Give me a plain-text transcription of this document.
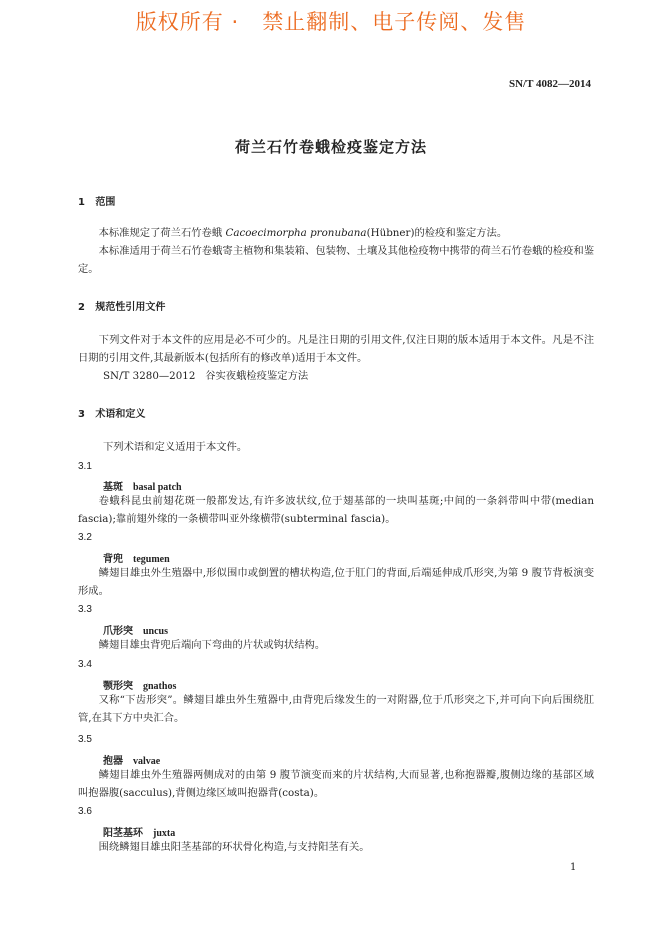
版权所有 ·   禁止翻制、电子传阅、发售
SN/T 4082—2014
荷兰石竹卷蛾检疫鉴定方法
1   范围
本标准规定了荷兰石竹卷蛾 Cacoecimorpha pronubana(Hübner)的检疫和鉴定方法。
本标准适用于荷兰石竹卷蛾寄主植物和集装箱、包装物、土壤及其他检疫物中携带的荷兰石竹卷蛾的检疫和鉴定。
2   规范性引用文件
下列文件对于本文件的应用是必不可少的。凡是注日期的引用文件,仅注日期的版本适用于本文件。凡是不注日期的引用文件,其最新版本(包括所有的修改单)适用于本文件。
SN/T 3280—2012   谷实夜蛾检疫鉴定方法
3   术语和定义
下列术语和定义适用于本文件。
3.1
基斑 basal patch
卷蛾科昆虫前翅花斑一般都发达,有许多波状纹,位于翅基部的一块叫基斑;中间的一条斜带叫中带(median fascia);靠前翅外缘的一条横带叫亚外缘横带(subterminal fascia)。
3.2
背兜 tegumen
鳞翅目雄虫外生殖器中,形似围巾或倒置的槽状构造,位于肛门的背面,后端延伸成爪形突,为第 9 腹节背板演变形成。
3.3
爪形突 uncus
鳞翅目雄虫背兜后端向下弯曲的片状或钩状结构。
3.4
颚形突 gnathos
又称“下齿形突”。鳞翅目雄虫外生殖器中,由背兜后缘发生的一对附器,位于爪形突之下,并可向下向后围绕肛管,在其下方中央汇合。
3.5
抱器 valvae
鳞翅目雄虫外生殖器两侧成对的由第 9 腹节演变而来的片状结构,大而显著,也称抱器瓣,腹侧边缘的基部区域叫抱器腹(sacculus),背侧边缘区域叫抱器背(costa)。
3.6
阳茎基环 juxta
围绕鳞翅目雄虫阳茎基部的环状骨化构造,与支持阳茎有关。
1
